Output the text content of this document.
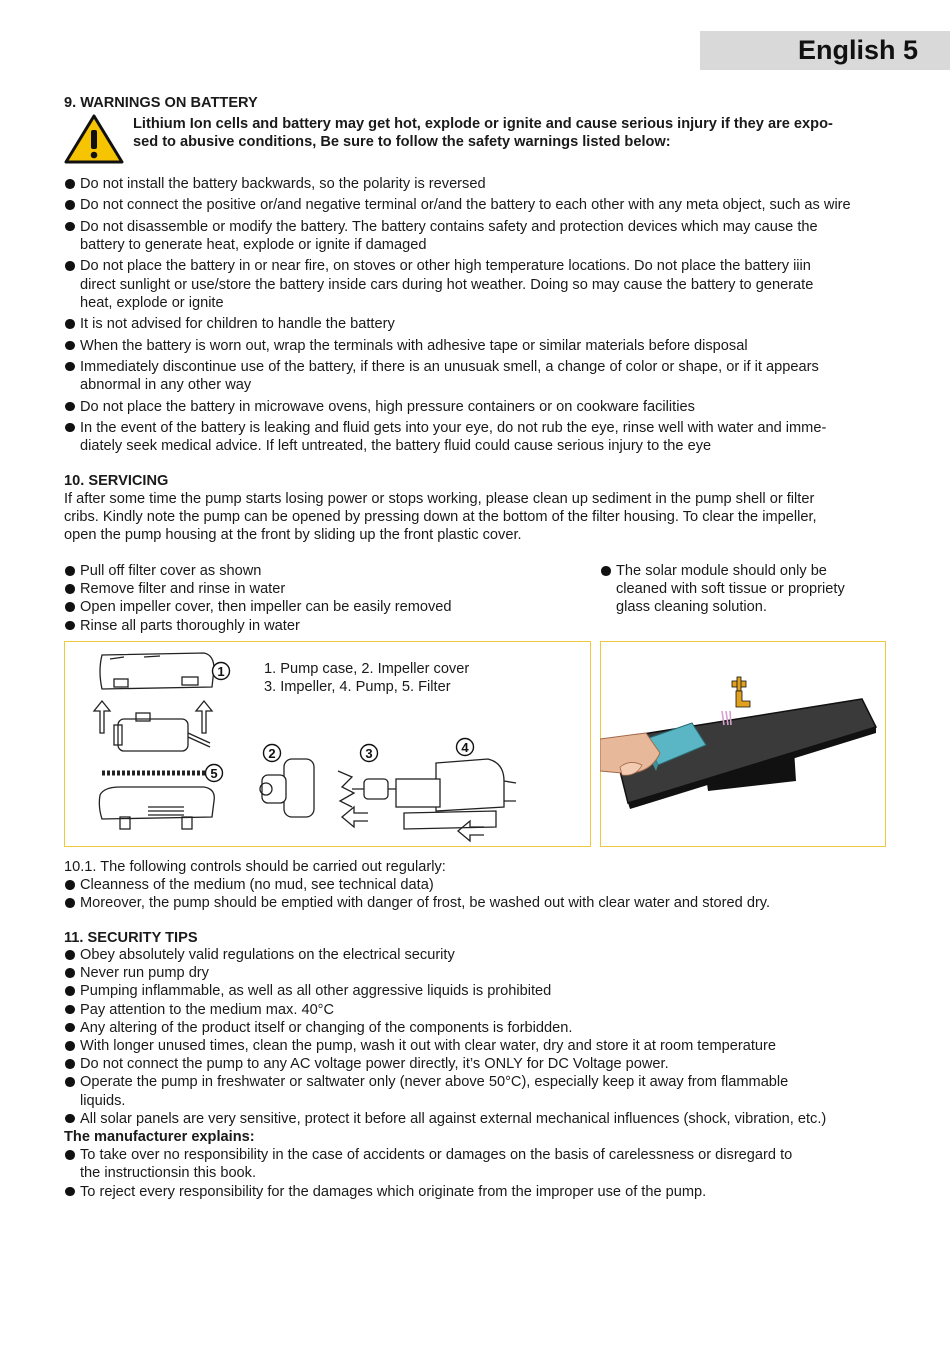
English 5
9. WARNINGS ON BATTERY
Lithium Ion cells and battery may get hot, explode or ignite and cause serious injury if they are expo-
sed to abusive conditions, Be sure to follow the safety warnings listed below:
Do not install the battery backwards, so the polarity is reversed
Do not connect the positive or/and negative terminal or/and the battery to each other with any meta object, such as wire
Do not disassemble or modify the battery. The battery contains safety and protection devices which may cause the
battery to generate heat, explode or ignite if damaged
Do not place the battery in or near fire, on stoves or other high temperature locations. Do not place the battery iiin
direct sunlight or use/store the battery inside cars during hot weather. Doing so may cause the battery to generate
heat, explode or ignite
It is not advised for children to handle the battery
When the battery is worn out, wrap the terminals with adhesive tape or similar materials before disposal
Immediately discontinue use of the battery, if there is an unusuak smell, a change of color or shape, or if it appears
abnormal in any other way
Do not place the battery in microwave ovens, high pressure containers or on cookware facilities
In the event of the battery is leaking and fluid gets into your eye, do not rub the eye, rinse well with water and imme-
diately seek medical advice. If left untreated, the battery fluid could cause serious injury to the eye
10. SERVICING
If after some time the pump starts losing power or stops working, please clean up sediment in the pump shell or filter
cribs. Kindly note the pump can be opened by pressing down at the bottom of the filter housing. To clear the impeller,
open the pump housing at the front by sliding up the front plastic cover.
Pull off filter cover as shown
Remove filter and rinse in water
Open impeller cover, then impeller can be easily removed
Rinse all parts thoroughly in water
The solar module should only be
cleaned with soft tissue or propriety
glass cleaning solution.
1
2	3	4
5
1. Pump case, 2. Impeller cover
3. Impeller, 4. Pump, 5. Filter
10.1. The following controls should be carried out regularly:
Cleanness of the medium (no mud, see technical data)
Moreover, the pump should be emptied with danger of frost, be washed out with clear water and stored dry.
11. SECURITY TIPS
Obey absolutely valid regulations on the electrical security
Never run pump dry
Pumping inflammable, as well as all other aggressive liquids is prohibited
Pay attention to the medium max. 40°C
Any altering of the product itself or changing of the components is forbidden.
With longer unused times, clean the pump, wash it out with clear water, dry and store it at room temperature
Do not connect the pump to any AC voltage power directly, it’s ONLY for DC Voltage power.
Operate the pump in freshwater or saltwater only (never above 50°C), especially keep it away from flammable
liquids.
All solar panels are very sensitive, protect it before all against external mechanical influences (shock, vibration, etc.)
The manufacturer explains:
To take over no responsibility in the case of accidents or damages on the basis of carelessness or disregard to
the instructionsin this book.
To reject every responsibility for the damages which originate from the improper use of the pump.
